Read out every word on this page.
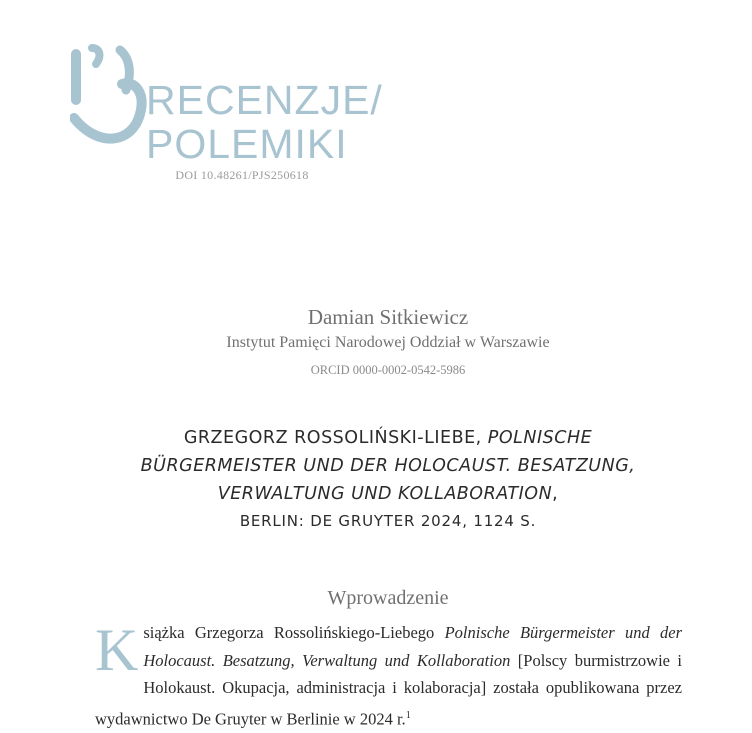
RECENZJE/
POLEMIKI
DOI 10.48261/PJS250618

Damian Sitkiewicz

Instytut Pamięci Narodowej Oddział w Warszawie

ORCID 0000-0002-0542-5986
GRZEGORZ ROSSOLIŃSKI-LIEBE, POLNISCHE
BÜRGERMEISTER UND DER HOLOCAUST. BESATZUNG,
VERWALTUNG UND KOLLABORATION,
BERLIN: DE GRUYTER 2024, 1124 S.
Wprowadzenie
Książka Grzegorza Rossolińskiego-Liebego Polnische Bürgermeister und der Holocaust. Besatzung, Verwaltung und Kollaboration [Polscy burmistrzowie i Holokaust. Okupacja, administracja i kolaboracja] została opublikowana przez wydawnictwo De Gruyter w Berlinie w 2024 r.$^1$
